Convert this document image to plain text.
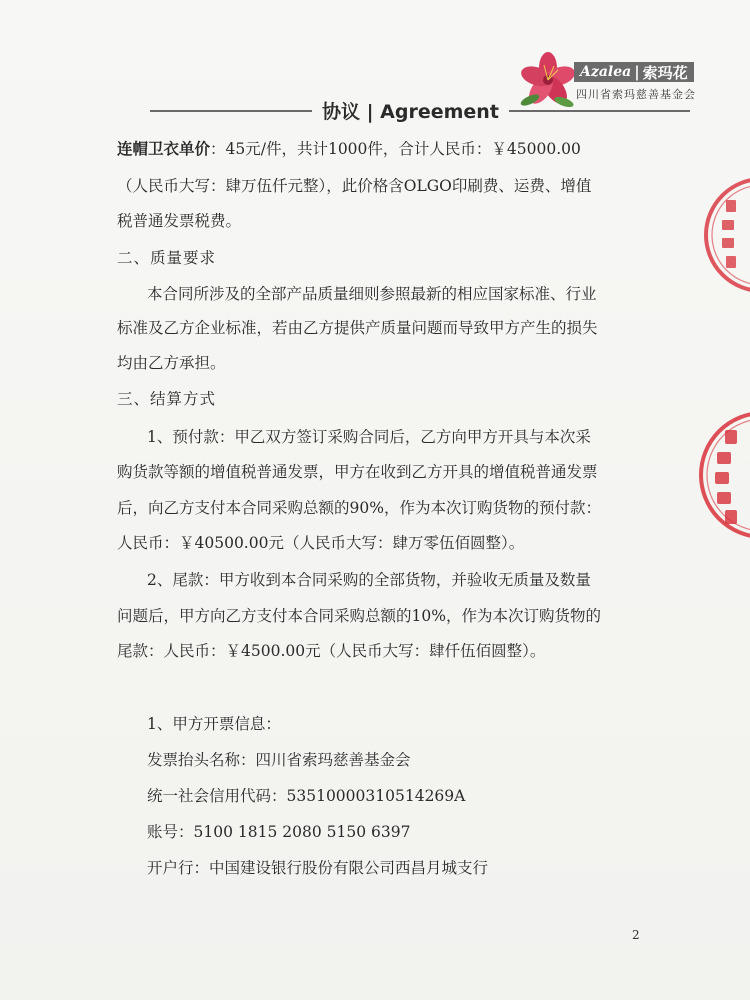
Azalea | 索玛花
四川省索玛慈善基金会
协议 | Agreement
连帽卫衣单价：45元/件，共计1000件，合计人民币：￥45000.00
（人民币大写：肆万伍仟元整），此价格含OLGO印刷费、运费、增值
税普通发票税费。
二、质量要求
本合同所涉及的全部产品质量细则参照最新的相应国家标准、行业
标准及乙方企业标准，若由乙方提供产质量问题而导致甲方产生的损失
均由乙方承担。
三、结算方式
1、预付款：甲乙双方签订采购合同后，乙方向甲方开具与本次采
购货款等额的增值税普通发票，甲方在收到乙方开具的增值税普通发票
后，向乙方支付本合同采购总额的90%，作为本次订购货物的预付款：
人民币：￥40500.00元（人民币大写：肆万零伍佰圆整）。
2、尾款：甲方收到本合同采购的全部货物，并验收无质量及数量
问题后，甲方向乙方支付本合同采购总额的10%，作为本次订购货物的
尾款：人民币：￥4500.00元（人民币大写：肆仟伍佰圆整）。
1、甲方开票信息：
发票抬头名称：四川省索玛慈善基金会
统一社会信用代码：53510000310514269A
账号：5100 1815 2080 5150 6397
开户行：中国建设银行股份有限公司西昌月城支行
2
